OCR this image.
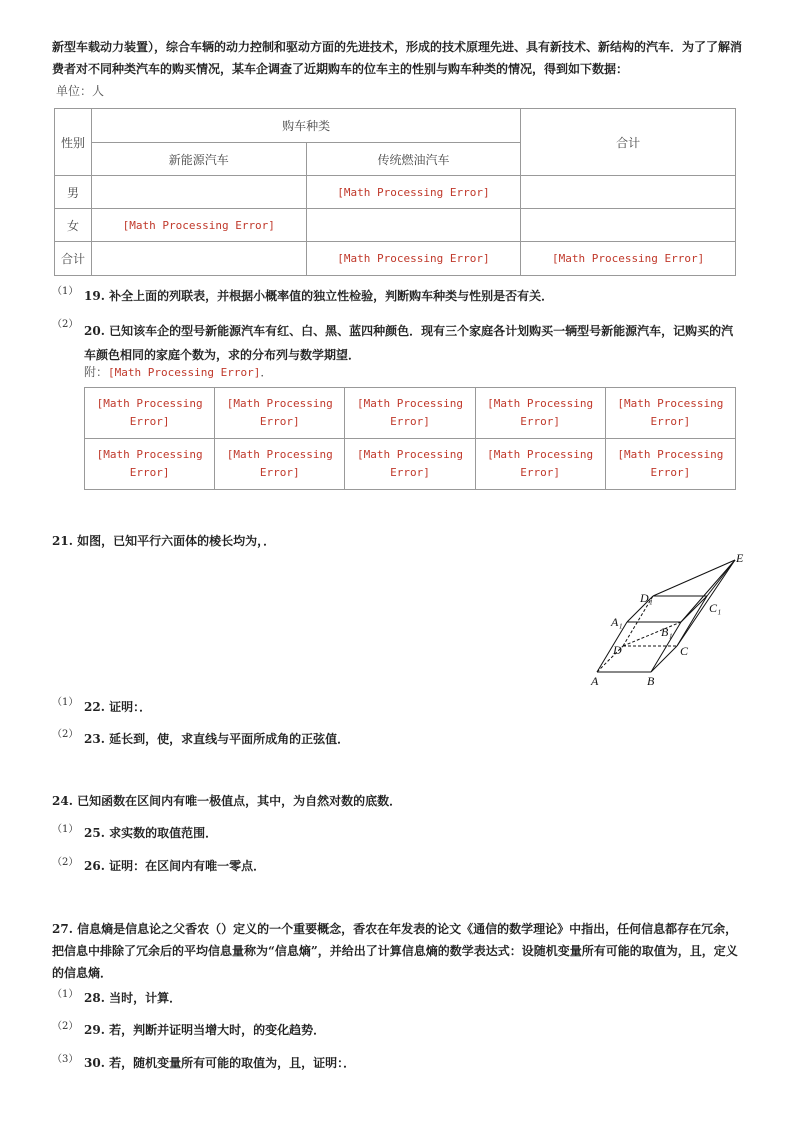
新型车载动力装置），综合车辆的动力控制和驱动方面的先进技术，形成的技术原理先进、具有新技术、新结构的汽车．为了了解消费者对不同种类汽车的购买情况，某车企调查了近期购车的位车主的性别与购车种类的情况，得到如下数据：
单位：人
性别	购车种类		合计
	新能源汽车	传统燃油汽车	
男		[Math Processing Error]	
女	[Math Processing Error]		
合计		[Math Processing Error]	[Math Processing Error]
（1） 19. 补全上面的列联表，并根据小概率值的独立性检验，判断购车种类与性别是否有关．
（2） 20. 已知该车企的型号新能源汽车有红、白、黑、蓝四种颜色．现有三个家庭各计划购买一辆型号新能源汽车，记购买的汽车颜色相同的家庭个数为，求的分布列与数学期望．
附：[Math Processing Error]．
[Math Processing Error]	[Math Processing Error]	[Math Processing Error]	[Math Processing Error]	[Math Processing Error]
[Math Processing Error]	[Math Processing Error]	[Math Processing Error]	[Math Processing Error]	[Math Processing Error]
21. 如图，已知平行六面体的棱长均为，．
E
D₁
C₁
A₁
B₁
D	C
A	B
（1） 22. 证明：．
（2） 23. 延长到，使，求直线与平面所成角的正弦值．
24. 已知函数在区间内有唯一极值点，其中，为自然对数的底数．
（1） 25. 求实数的取值范围．
（2） 26. 证明：在区间内有唯一零点．
27. 信息熵是信息论之父香农（）定义的一个重要概念，香农在年发表的论文《通信的数学理论》中指出，任何信息都存在冗余，把信息中排除了冗余后的平均信息量称为“信息熵”，并给出了计算信息熵的数学表达式：设随机变量所有可能的取值为，且，定义的信息熵．
（1） 28. 当时，计算．
（2） 29. 若，判断并证明当增大时，的变化趋势．
（3） 30. 若，随机变量所有可能的取值为，且，证明：．
